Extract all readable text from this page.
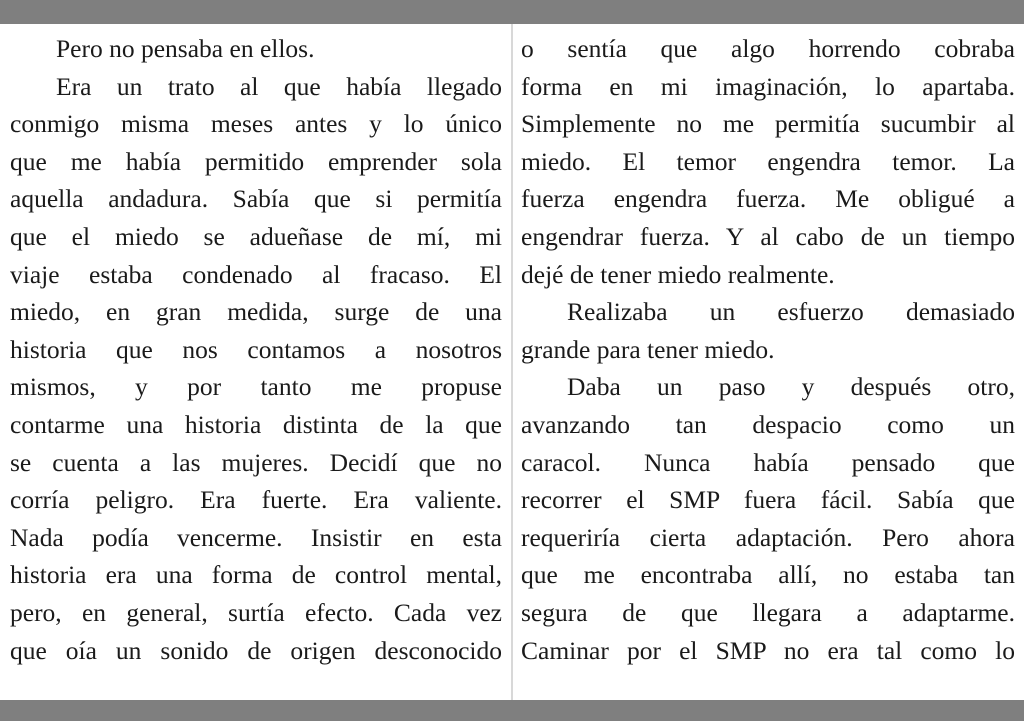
Pero no pensaba en ellos.
Era un trato al que había llegado
conmigo misma meses antes y lo único
que me había permitido emprender sola
aquella andadura. Sabía que si permitía
que el miedo se adueñase de mí, mi
viaje estaba condenado al fracaso. El
miedo, en gran medida, surge de una
historia que nos contamos a nosotros
mismos, y por tanto me propuse
contarme una historia distinta de la que
se cuenta a las mujeres. Decidí que no
corría peligro. Era fuerte. Era valiente.
Nada podía vencerme. Insistir en esta
historia era una forma de control mental,
pero, en general, surtía efecto. Cada vez
que oía un sonido de origen desconocido
o sentía que algo horrendo cobraba
forma en mi imaginación, lo apartaba.
Simplemente no me permitía sucumbir al
miedo. El temor engendra temor. La
fuerza engendra fuerza. Me obligué a
engendrar fuerza. Y al cabo de un tiempo
dejé de tener miedo realmente.
Realizaba un esfuerzo demasiado
grande para tener miedo.
Daba un paso y después otro,
avanzando tan despacio como un
caracol. Nunca había pensado que
recorrer el SMP fuera fácil. Sabía que
requeriría cierta adaptación. Pero ahora
que me encontraba allí, no estaba tan
segura de que llegara a adaptarme.
Caminar por el SMP no era tal como lo
